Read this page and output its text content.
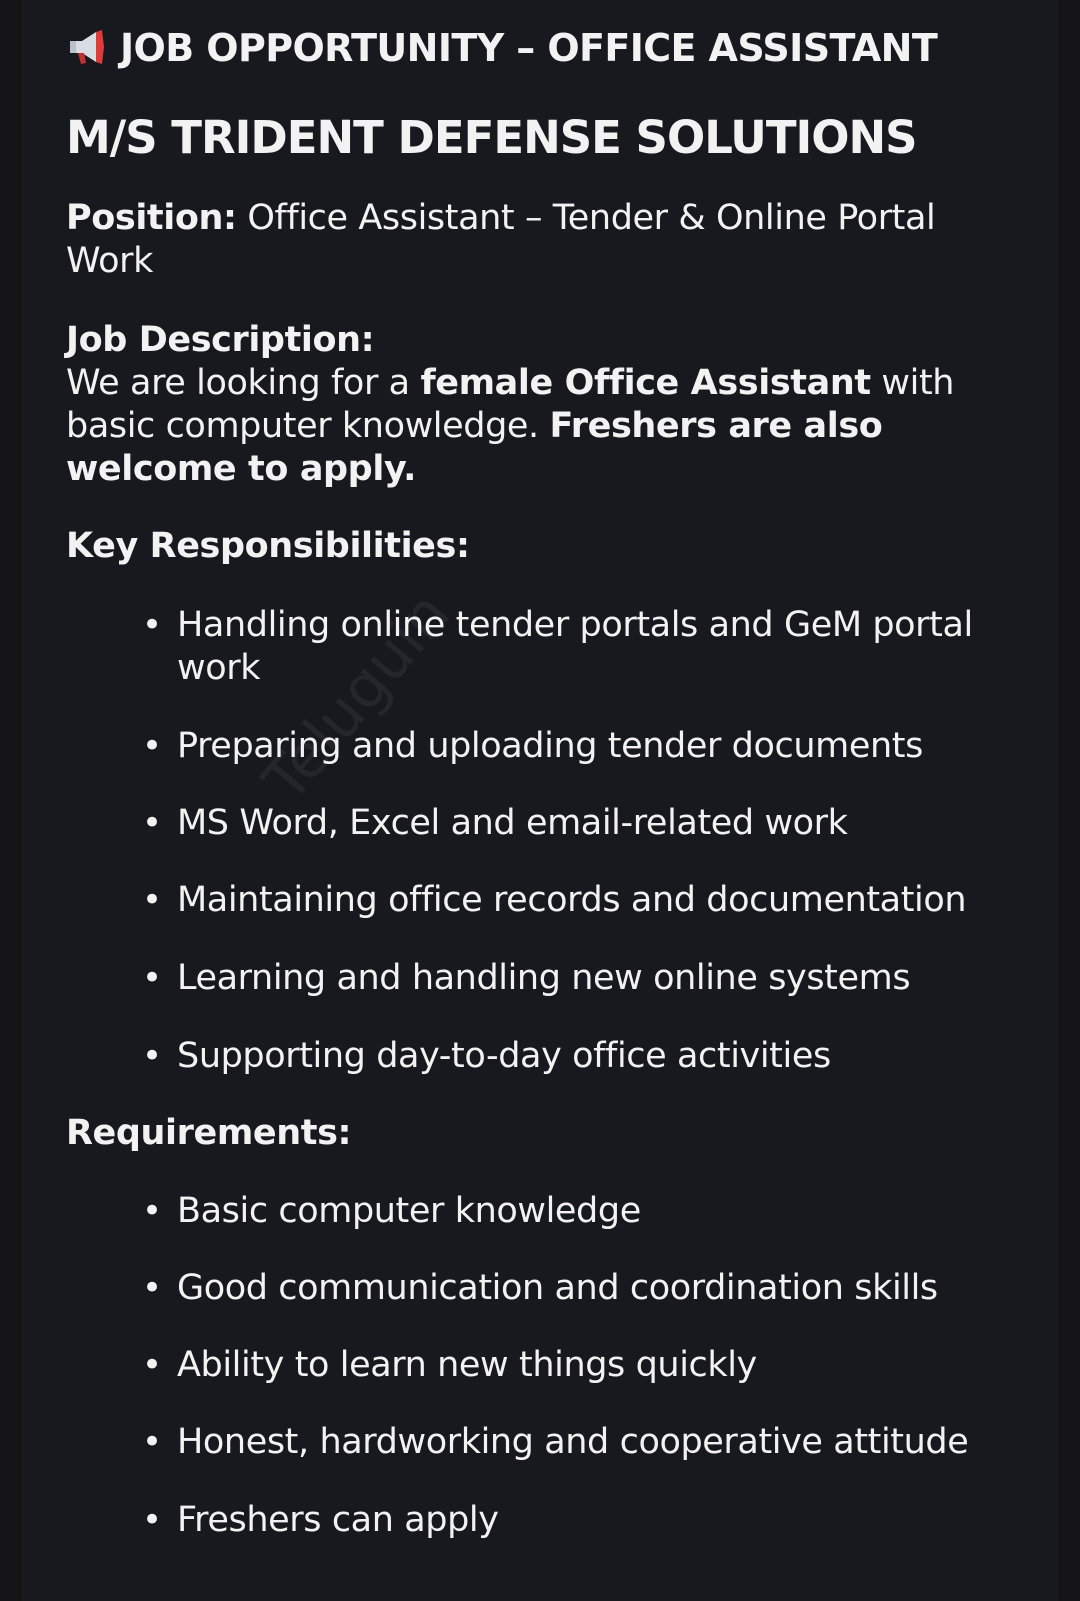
JOB OPPORTUNITY – OFFICE ASSISTANT
M/S TRIDENT DEFENSE SOLUTIONS
Position: Office Assistant – Tender & Online Portal Work
Job Description:
We are looking for a female Office Assistant with basic computer knowledge. Freshers are also welcome to apply.
Key Responsibilities:
• Handling online tender portals and GeM portal work
• Preparing and uploading tender documents
• MS Word, Excel and email-related work
• Maintaining office records and documentation
• Learning and handling new online systems
• Supporting day-to-day office activities
Requirements:
• Basic computer knowledge
• Good communication and coordination skills
• Ability to learn new things quickly
• Honest, hardworking and cooperative attitude
• Freshers can apply
